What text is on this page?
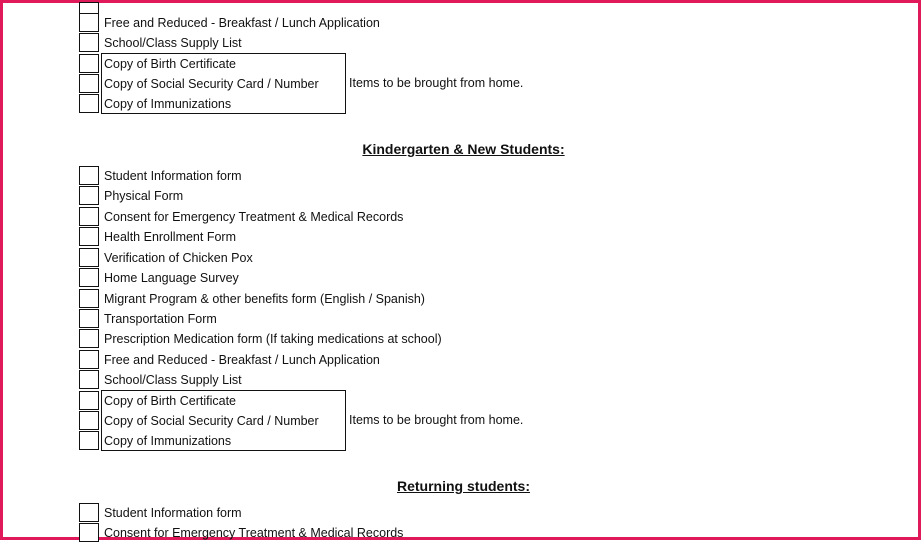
Free and Reduced - Breakfast / Lunch Application
School/Class Supply List
Copy of Birth Certificate
Copy of Social Security Card / Number
Copy of Immunizations
Items to be brought from home.
Kindergarten & New Students:
Student Information form
Physical Form
Consent for Emergency Treatment & Medical Records
Health Enrollment Form
Verification of Chicken Pox
Home Language Survey
Migrant Program & other benefits form (English / Spanish)
Transportation Form
Prescription Medication form (If taking medications at school)
Free and Reduced - Breakfast / Lunch Application
School/Class Supply List
Copy of Birth Certificate
Copy of Social Security Card / Number
Copy of Immunizations
Items to be brought from home.
Returning students:
Student Information form
Consent for Emergency Treatment & Medical Records
